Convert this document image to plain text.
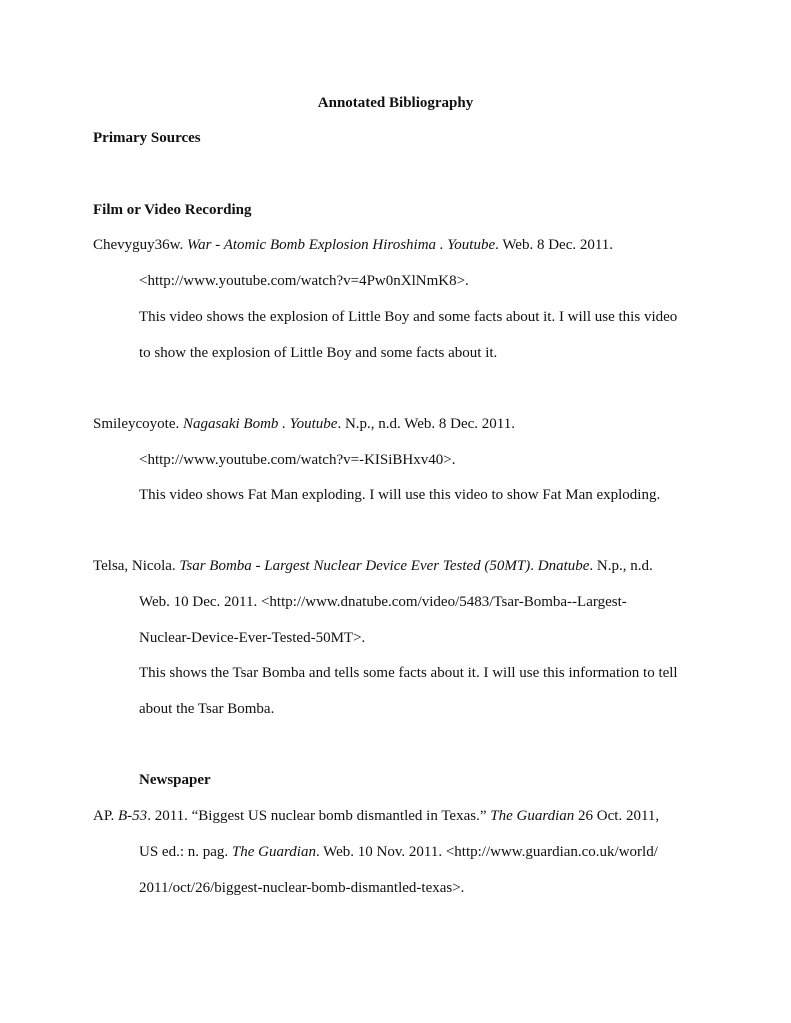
Annotated Bibliography
Primary Sources
Film or Video Recording
Chevyguy36w. War - Atomic Bomb Explosion Hiroshima . Youtube. Web. 8 Dec. 2011.
<http://www.youtube.com/watch?v=4Pw0nXlNmK8>.
This video shows the explosion of Little Boy and some facts about it. I will use this video
to show the explosion of Little Boy and some facts about it.
Smileycoyote. Nagasaki Bomb . Youtube. N.p., n.d. Web. 8 Dec. 2011.
<http://www.youtube.com/watch?v=-KISiBHxv40>.
This video shows Fat Man exploding. I will use this video to show Fat Man exploding.
Telsa, Nicola. Tsar Bomba - Largest Nuclear Device Ever Tested (50MT). Dnatube. N.p., n.d.
Web. 10 Dec. 2011. <http://www.dnatube.com/video/5483/Tsar-Bomba--Largest-
Nuclear-Device-Ever-Tested-50MT>.
This shows the Tsar Bomba and tells some facts about it. I will use this information to tell
about the Tsar Bomba.
Newspaper
AP. B-53. 2011. “Biggest US nuclear bomb dismantled in Texas.” The Guardian 26 Oct. 2011,
US ed.: n. pag. The Guardian. Web. 10 Nov. 2011. <http://www.guardian.co.uk/world/
2011/oct/26/biggest-nuclear-bomb-dismantled-texas>.
